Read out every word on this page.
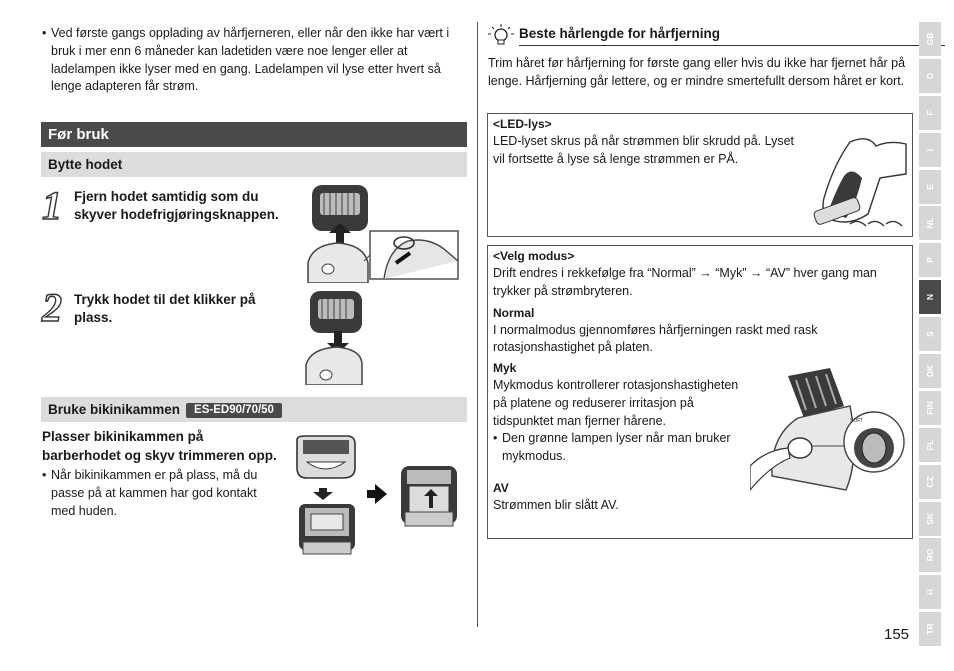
• Ved første gangs opplading av hårfjerneren, eller når den ikke har vært i bruk i mer enn 6 måneder kan ladetiden være noe lenger eller at ladelampen ikke lyser med en gang. Ladelampen vil lyse etter hvert så lenge adapteren får strøm.
Før bruk
Bytte hodet
1 Fjern hodet samtidig som du skyver hodefrigjøringsknappen.
2 Trykk hodet til det klikker på plass.
Bruke bikinikammen ES-ED90/70/50
Plasser bikinikammen på barberhodet og skyv trimmeren opp.
• Når bikinikammen er på plass, må du passe på at kammen har god kontakt med huden.
Beste hårlengde for hårfjerning
Trim håret før hårfjerning for første gang eller hvis du ikke har fjernet hår på lenge. Hårfjerning går lettere, og er mindre smertefullt dersom håret er kort.
<LED-lys>
LED-lyset skrus på når strømmen blir skrudd på. Lyset vil fortsette å lyse så lenge strømmen er PÅ.
<Velg modus>
Drift endres i rekkefølge fra “Normal” → “Myk” → “AV” hver gang man trykker på strømbryteren.
Normal
I normalmodus gjennomføres hårfjerningen raskt med rask rotasjonshastighet på platen.
Myk
Mykmodus kontrollerer rotasjonshastigheten på platene og reduserer irritasjon på tidspunktet man fjerner hårene.
• Den grønne lampen lyser når man bruker mykmodus.
AV
Strømmen blir slått AV.
SOFT
GB
D
F
I
E
NL
P
N
S
DK
FIN
PL
CZ
SK
RO
H
TR
155
